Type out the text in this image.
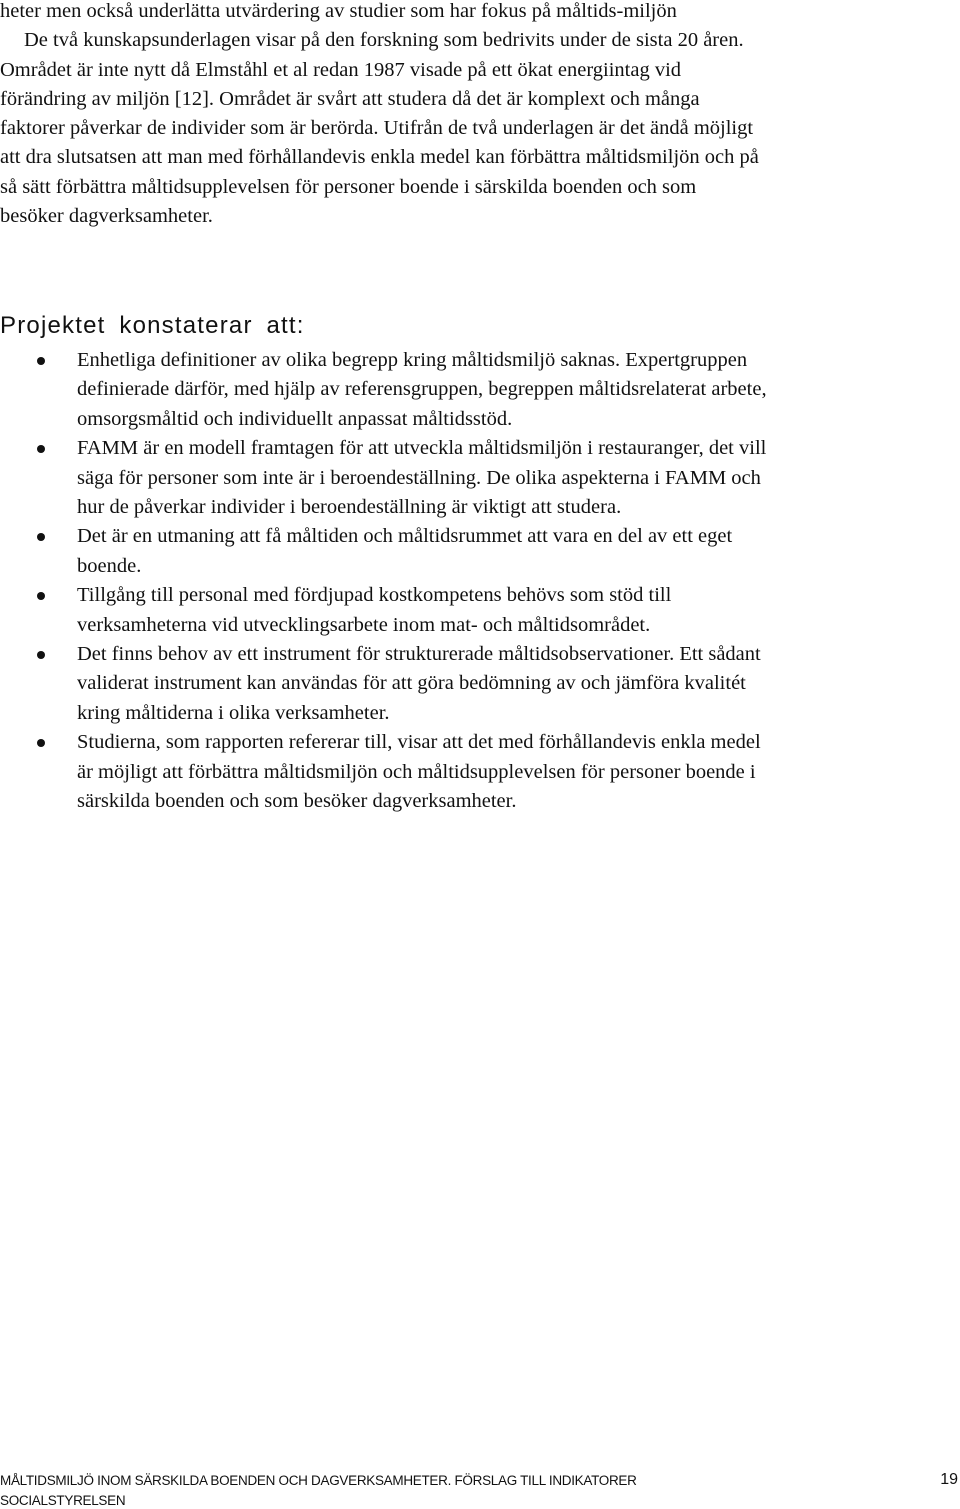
heter men också underlätta utvärdering av studier som har fokus på måltids-miljön

De två kunskapsunderlagen visar på den forskning som bedrivits under de sista 20 åren. Området är inte nytt då Elmståhl et al redan 1987 visade på ett ökat energiintag vid förändring av miljön [12]. Området är svårt att studera då det är komplext och många faktorer påverkar de individer som är berörda. Utifrån de två underlagen är det ändå möjligt att dra slutsatsen att man med förhållandevis enkla medel kan förbättra måltidsmiljön och på så sätt förbättra måltidsupplevelsen för personer boende i särskilda boenden och som besöker dagverksamheter.

Projektet konstaterar att:
Enhetliga definitioner av olika begrepp kring måltidsmiljö saknas. Expertgruppen definierade därför, med hjälp av referensgruppen, begreppen måltidsrelaterat arbete, omsorgsmåltid och individuellt anpassat måltidsstöd.
FAMM är en modell framtagen för att utveckla måltidsmiljön i restauranger, det vill säga för personer som inte är i beroendeställning. De olika aspekterna i FAMM och hur de påverkar individer i beroendeställning är viktigt att studera.
Det är en utmaning att få måltiden och måltidsrummet att vara en del av ett eget boende.
Tillgång till personal med fördjupad kostkompetens behövs som stöd till verksamheterna vid utvecklingsarbete inom mat- och måltidsområdet.
Det finns behov av ett instrument för strukturerade måltidsobservationer. Ett sådant validerat instrument kan användas för att göra bedömning av och jämföra kvalitét kring måltiderna i olika verksamheter.
Studierna, som rapporten refererar till, visar att det med förhållandevis enkla medel är möjligt att förbättra måltidsmiljön och måltidsupplevelsen för personer boende i särskilda boenden och som besöker dagverksamheter.
MÅLTIDSMILJÖ INOM SÄRSKILDA BOENDEN OCH DAGVERKSAMHETER. FÖRSLAG TILL INDIKATORER
SOCIALSTYRELSEN
19
